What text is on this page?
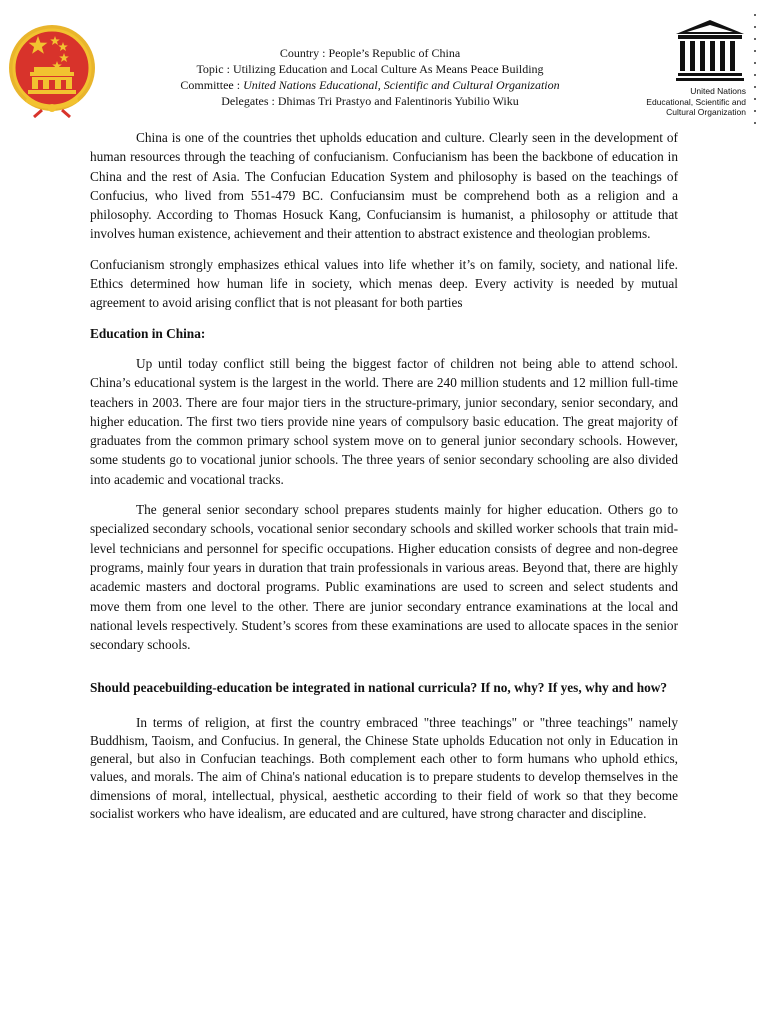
Country : People’s Republic of China
Topic : Utilizing Education and Local Culture As Means Peace Building
Committee : United Nations Educational, Scientific and Cultural Organization
Delegates : Dhimas Tri Prastyo and Falentinoris Yubilio Wiku
United Nations
Educational, Scientific and
Cultural Organization

China is one of the countries thet upholds education and culture. Clearly seen in the development of human resources through the teaching of confucianism. Confucianism has been the backbone of education in China and the rest of Asia. The Confucian Education System and philosophy is based on the teachings of Confucius, who lived from 551-479 BC. Confuciansim must be comprehend both as a religion and a philosophy. According to Thomas Hosuck Kang, Confuciansim is humanist, a philosophy or attitude that involves human existence, achievement and their attention to abstract existence and theologian problems.

Confucianism strongly emphasizes ethical values into life whether it’s on family, society, and national life. Ethics determined how human life in society, which menas deep. Every activity is needed by mutual agreement to avoid arising conflict that is not pleasant for both parties

Education in China:

Up until today conflict still being the biggest factor of children not being able to attend school. China’s educational system is the largest in the world. There are 240 million students and 12 million full-time teachers in 2003. There are four major tiers in the structure-primary, junior secondary, senior secondary, and higher education. The first two tiers provide nine years of compulsory basic education. The great majority of graduates from the common primary school system move on to general junior secondary schools. However, some students go to vocational junior schools. The three years of senior secondary schooling are also divided into academic and vocational tracks.

The general senior secondary school prepares students mainly for higher education. Others go to specialized secondary schools, vocational senior secondary schools and skilled worker schools that train mid-level technicians and personnel for specific occupations. Higher education consists of degree and non-degree programs, mainly four years in duration that train professionals in various areas. Beyond that, there are highly academic masters and doctoral programs. Public examinations are used to screen and select students and move them from one level to the other. There are junior secondary entrance examinations at the local and national levels respectively. Student’s scores from these examinations are used to allocate spaces in the senior secondary schools.

Should peacebuilding-education be integrated in national curricula? If no, why? If yes, why and how?

In terms of religion, at first the country embraced "three teachings" or "three teachings" namely Buddhism, Taoism, and Confucius. In general, the Chinese State upholds Education not only in Education in general, but also in Confucian teachings. Both complement each other to form humans who uphold ethics, values, and morals. The aim of China's national education is to prepare students to develop themselves in the dimensions of moral, intellectual, physical, aesthetic according to their field of work so that they become socialist workers who have idealism, are educated and are cultured, have strong character and discipline.
